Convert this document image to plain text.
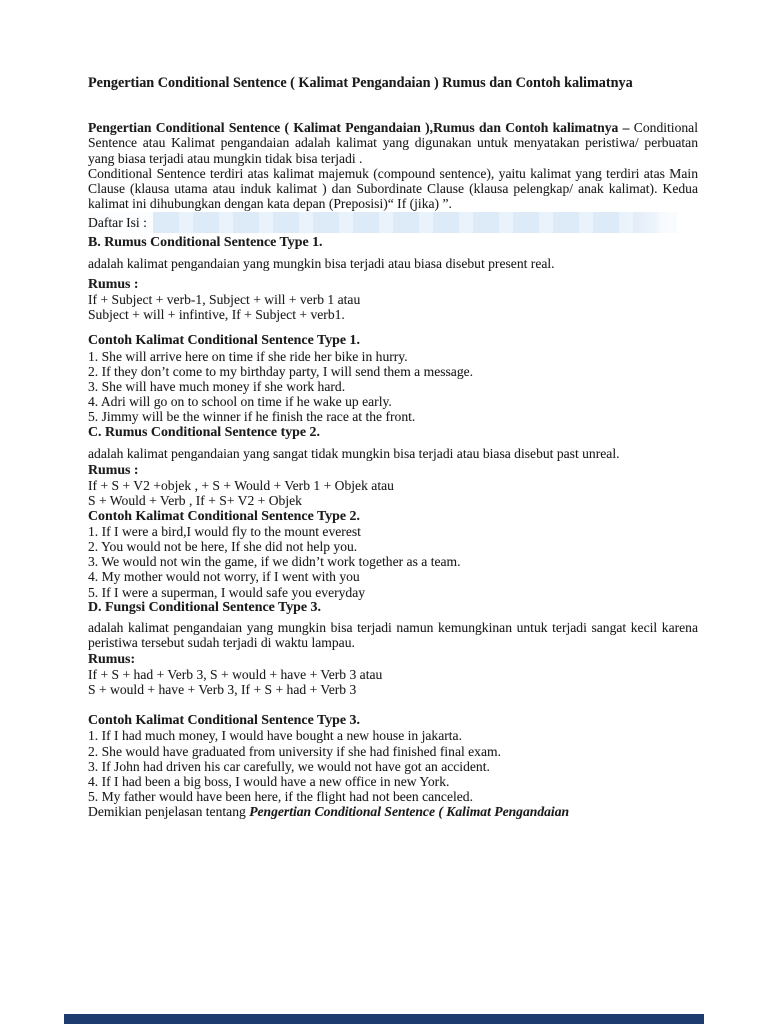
Pengertian Conditional Sentence ( Kalimat Pengandaian ) Rumus dan Contoh kalimatnya

Pengertian Conditional Sentence ( Kalimat Pengandaian ),Rumus dan Contoh kalimatnya – Conditional Sentence atau Kalimat pengandaian adalah kalimat yang digunakan untuk menyatakan peristiwa/ perbuatan yang biasa terjadi atau mungkin tidak bisa terjadi .

Conditional Sentence terdiri atas kalimat majemuk (compound sentence), yaitu kalimat yang terdiri atas Main Clause (klausa utama atau induk kalimat ) dan Subordinate Clause (klausa pelengkap/ anak kalimat). Kedua kalimat ini dihubungkan dengan kata depan (Preposisi)“ If (jika) ”.

Daftar Isi :

B. Rumus Conditional Sentence Type 1.

adalah kalimat pengandaian yang mungkin bisa terjadi atau biasa disebut present real.

Rumus :

If + Subject + verb-1, Subject + will + verb 1 atau

Subject + will + infintive, If + Subject + verb1.

Contoh Kalimat Conditional Sentence Type 1.

1. She will arrive here on time if she ride her bike in hurry.

2. If they don’t come to my birthday party, I will send them a message.

3. She will have much money if she work hard.

4. Adri will go on to school on time if he wake up early.

5. Jimmy will be the winner if he finish the race at the front.

C. Rumus Conditional Sentence type 2.

adalah kalimat pengandaian yang sangat tidak mungkin bisa terjadi atau biasa disebut past unreal.

Rumus :

If + S + V2 +objek , + S + Would + Verb 1 + Objek atau

S + Would + Verb , If + S+ V2 + Objek

Contoh Kalimat Conditional Sentence Type 2.

1. If I were a bird,I would fly to the mount everest

2. You would not be here, If she did not help you.

3. We would not win the game, if we didn’t work together as a team.

4. My mother would not worry, if I went with you

5. If I were a superman, I would safe you everyday

D. Fungsi Conditional Sentence Type 3.

adalah kalimat pengandaian yang mungkin bisa terjadi namun kemungkinan untuk terjadi sangat kecil karena peristiwa tersebut sudah terjadi di waktu lampau.

Rumus:

If + S + had + Verb 3, S + would + have + Verb 3 atau

S + would + have + Verb 3, If + S + had + Verb 3

Contoh Kalimat Conditional Sentence Type 3.

1. If I had much money, I would have bought a new house in jakarta.

2. She would have graduated from university if she had finished final exam.

3. If John had driven his car carefully, we would not have got an accident.

4. If I had been a big boss, I would have a new office in new York.

5. My father would have been here, if the flight had not been canceled.

Demikian penjelasan tentang Pengertian Conditional Sentence ( Kalimat Pengandaian
